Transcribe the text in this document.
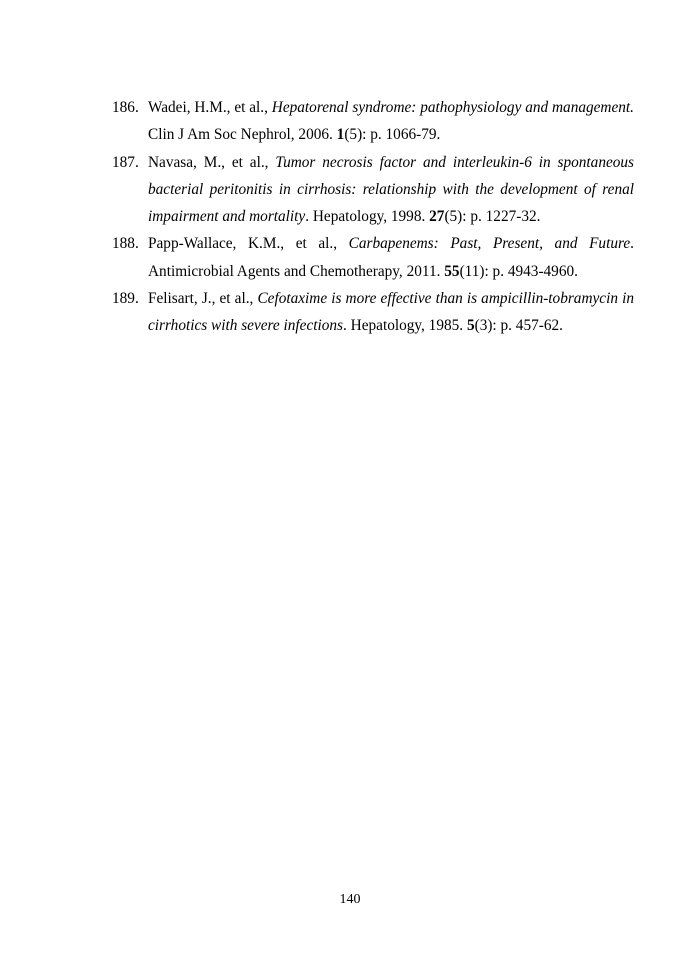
186. Wadei, H.M., et al., Hepatorenal syndrome: pathophysiology and management. Clin J Am Soc Nephrol, 2006. 1(5): p. 1066-79.
187. Navasa, M., et al., Tumor necrosis factor and interleukin-6 in spontaneous bacterial peritonitis in cirrhosis: relationship with the development of renal impairment and mortality. Hepatology, 1998. 27(5): p. 1227-32.
188. Papp-Wallace, K.M., et al., Carbapenems: Past, Present, and Future. Antimicrobial Agents and Chemotherapy, 2011. 55(11): p. 4943-4960.
189. Felisart, J., et al., Cefotaxime is more effective than is ampicillin-tobramycin in cirrhotics with severe infections. Hepatology, 1985. 5(3): p. 457-62.
140
